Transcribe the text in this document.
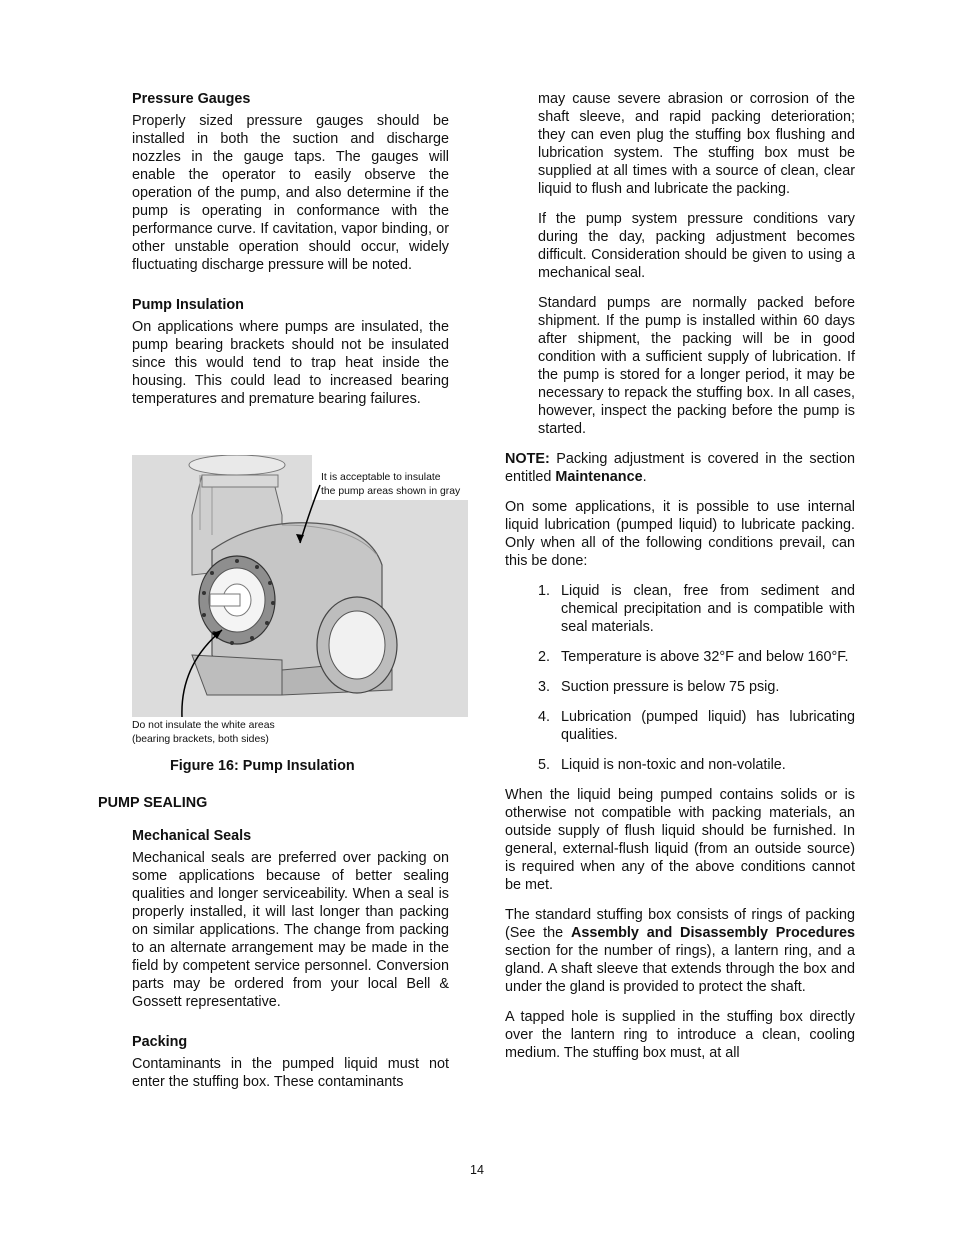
Pressure Gauges

Properly sized pressure gauges should be installed in both the suction and discharge nozzles in the gauge taps. The gauges will enable the operator to easily observe the operation of the pump, and also determine if the pump is operating in conformance with the performance curve. If cavitation, vapor binding, or other unstable operation should occur, widely fluctuating discharge pressure will be noted.

Pump Insulation

On applications where pumps are insulated, the pump bearing brackets should not be insulated since this would tend to trap heat inside the housing. This could lead to increased bearing temperatures and premature bearing failures.

It is acceptable to insulate
the pump areas shown in gray
Do not insulate the white areas
(bearing brackets, both sides)
Figure 16: Pump Insulation
PUMP SEALING
Mechanical Seals

Mechanical seals are preferred over packing on some applications because of better sealing qualities and longer serviceability. When a seal is properly installed, it will last longer than packing on similar applications. The change from packing to an alternate arrangement may be made in the field by competent service personnel. Conversion parts may be ordered from your local Bell & Gossett representative.

Packing

Contaminants in the pumped liquid must not enter the stuffing box. These contaminants

may cause severe abrasion or corrosion of the shaft sleeve, and rapid packing deterioration; they can even plug the stuffing box flushing and lubrication system. The stuffing box must be supplied at all times with a source of clean, clear liquid to flush and lubricate the packing.

If the pump system pressure conditions vary during the day, packing adjustment becomes difficult. Consideration should be given to using a mechanical seal.

Standard pumps are normally packed before shipment. If the pump is installed within 60 days after shipment, the packing will be in good condition with a sufficient supply of lubrication. If the pump is stored for a longer period, it may be necessary to repack the stuffing box. In all cases, however, inspect the packing before the pump is started.

NOTE: Packing adjustment is covered in the section entitled Maintenance.

On some applications, it is possible to use internal liquid lubrication (pumped liquid) to lubricate packing. Only when all of the following conditions prevail, can this be done:

1. Liquid is clean, free from sediment and chemical precipitation and is compatible with seal materials.
2. Temperature is above 32°F and below 160°F.
3. Suction pressure is below 75 psig.
4. Lubrication (pumped liquid) has lubricating qualities.
5. Liquid is non-toxic and non-volatile.

When the liquid being pumped contains solids or is otherwise not compatible with packing materials, an outside supply of flush liquid should be furnished. In general, external-flush liquid (from an outside source) is required when any of the above conditions cannot be met.

The standard stuffing box consists of rings of packing (See the Assembly and Disassembly Procedures section for the number of rings), a lantern ring, and a gland. A shaft sleeve that extends through the box and under the gland is provided to protect the shaft.

A tapped hole is supplied in the stuffing box directly over the lantern ring to introduce a clean, cooling medium. The stuffing box must, at all

14
